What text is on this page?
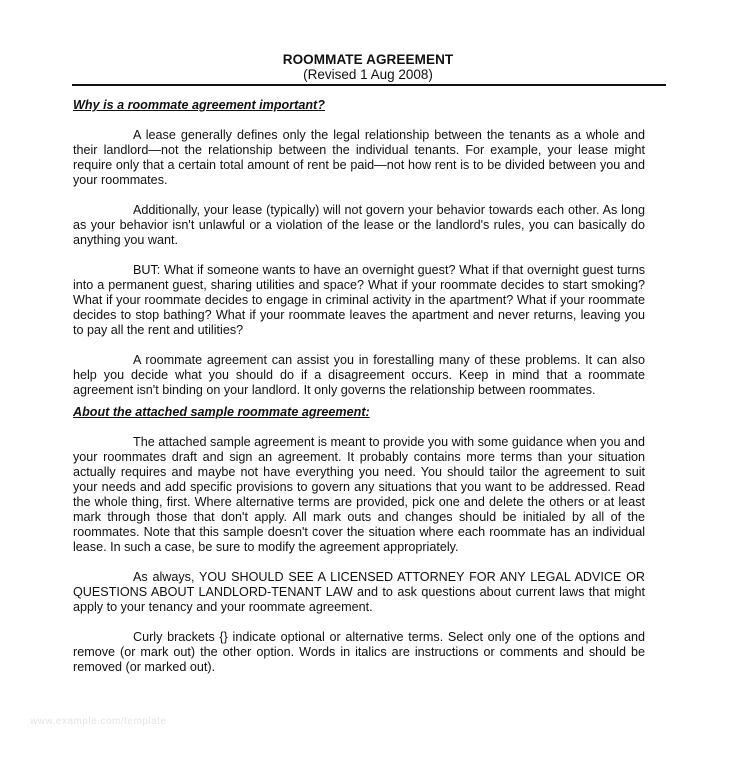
ROOMMATE AGREEMENT
(Revised 1 Aug 2008)
Why is a roommate agreement important?

A lease generally defines only the legal relationship between the tenants as a whole and their landlord—not the relationship between the individual tenants. For example, your lease might require only that a certain total amount of rent be paid—not how rent is to be divided between you and your roommates.

Additionally, your lease (typically) will not govern your behavior towards each other. As long as your behavior isn't unlawful or a violation of the lease or the landlord's rules, you can basically do anything you want.

BUT: What if someone wants to have an overnight guest? What if that overnight guest turns into a permanent guest, sharing utilities and space? What if your roommate decides to start smoking? What if your roommate decides to engage in criminal activity in the apartment? What if your roommate decides to stop bathing? What if your roommate leaves the apartment and never returns, leaving you to pay all the rent and utilities?

A roommate agreement can assist you in forestalling many of these problems. It can also help you decide what you should do if a disagreement occurs. Keep in mind that a roommate agreement isn't binding on your landlord. It only governs the relationship between roommates.

About the attached sample roommate agreement:

The attached sample agreement is meant to provide you with some guidance when you and your roommates draft and sign an agreement. It probably contains more terms than your situation actually requires and maybe not have everything you need. You should tailor the agreement to suit your needs and add specific provisions to govern any situations that you want to be addressed. Read the whole thing, first. Where alternative terms are provided, pick one and delete the others or at least mark through those that don't apply. All mark outs and changes should be initialed by all of the roommates. Note that this sample doesn't cover the situation where each roommate has an individual lease. In such a case, be sure to modify the agreement appropriately.

As always, YOU SHOULD SEE A LICENSED ATTORNEY FOR ANY LEGAL ADVICE OR QUESTIONS ABOUT LANDLORD-TENANT LAW and to ask questions about current laws that might apply to your tenancy and your roommate agreement.

Curly brackets {} indicate optional or alternative terms. Select only one of the options and remove (or mark out) the other option. Words in italics are instructions or comments and should be removed (or marked out).

www.example.com/template
